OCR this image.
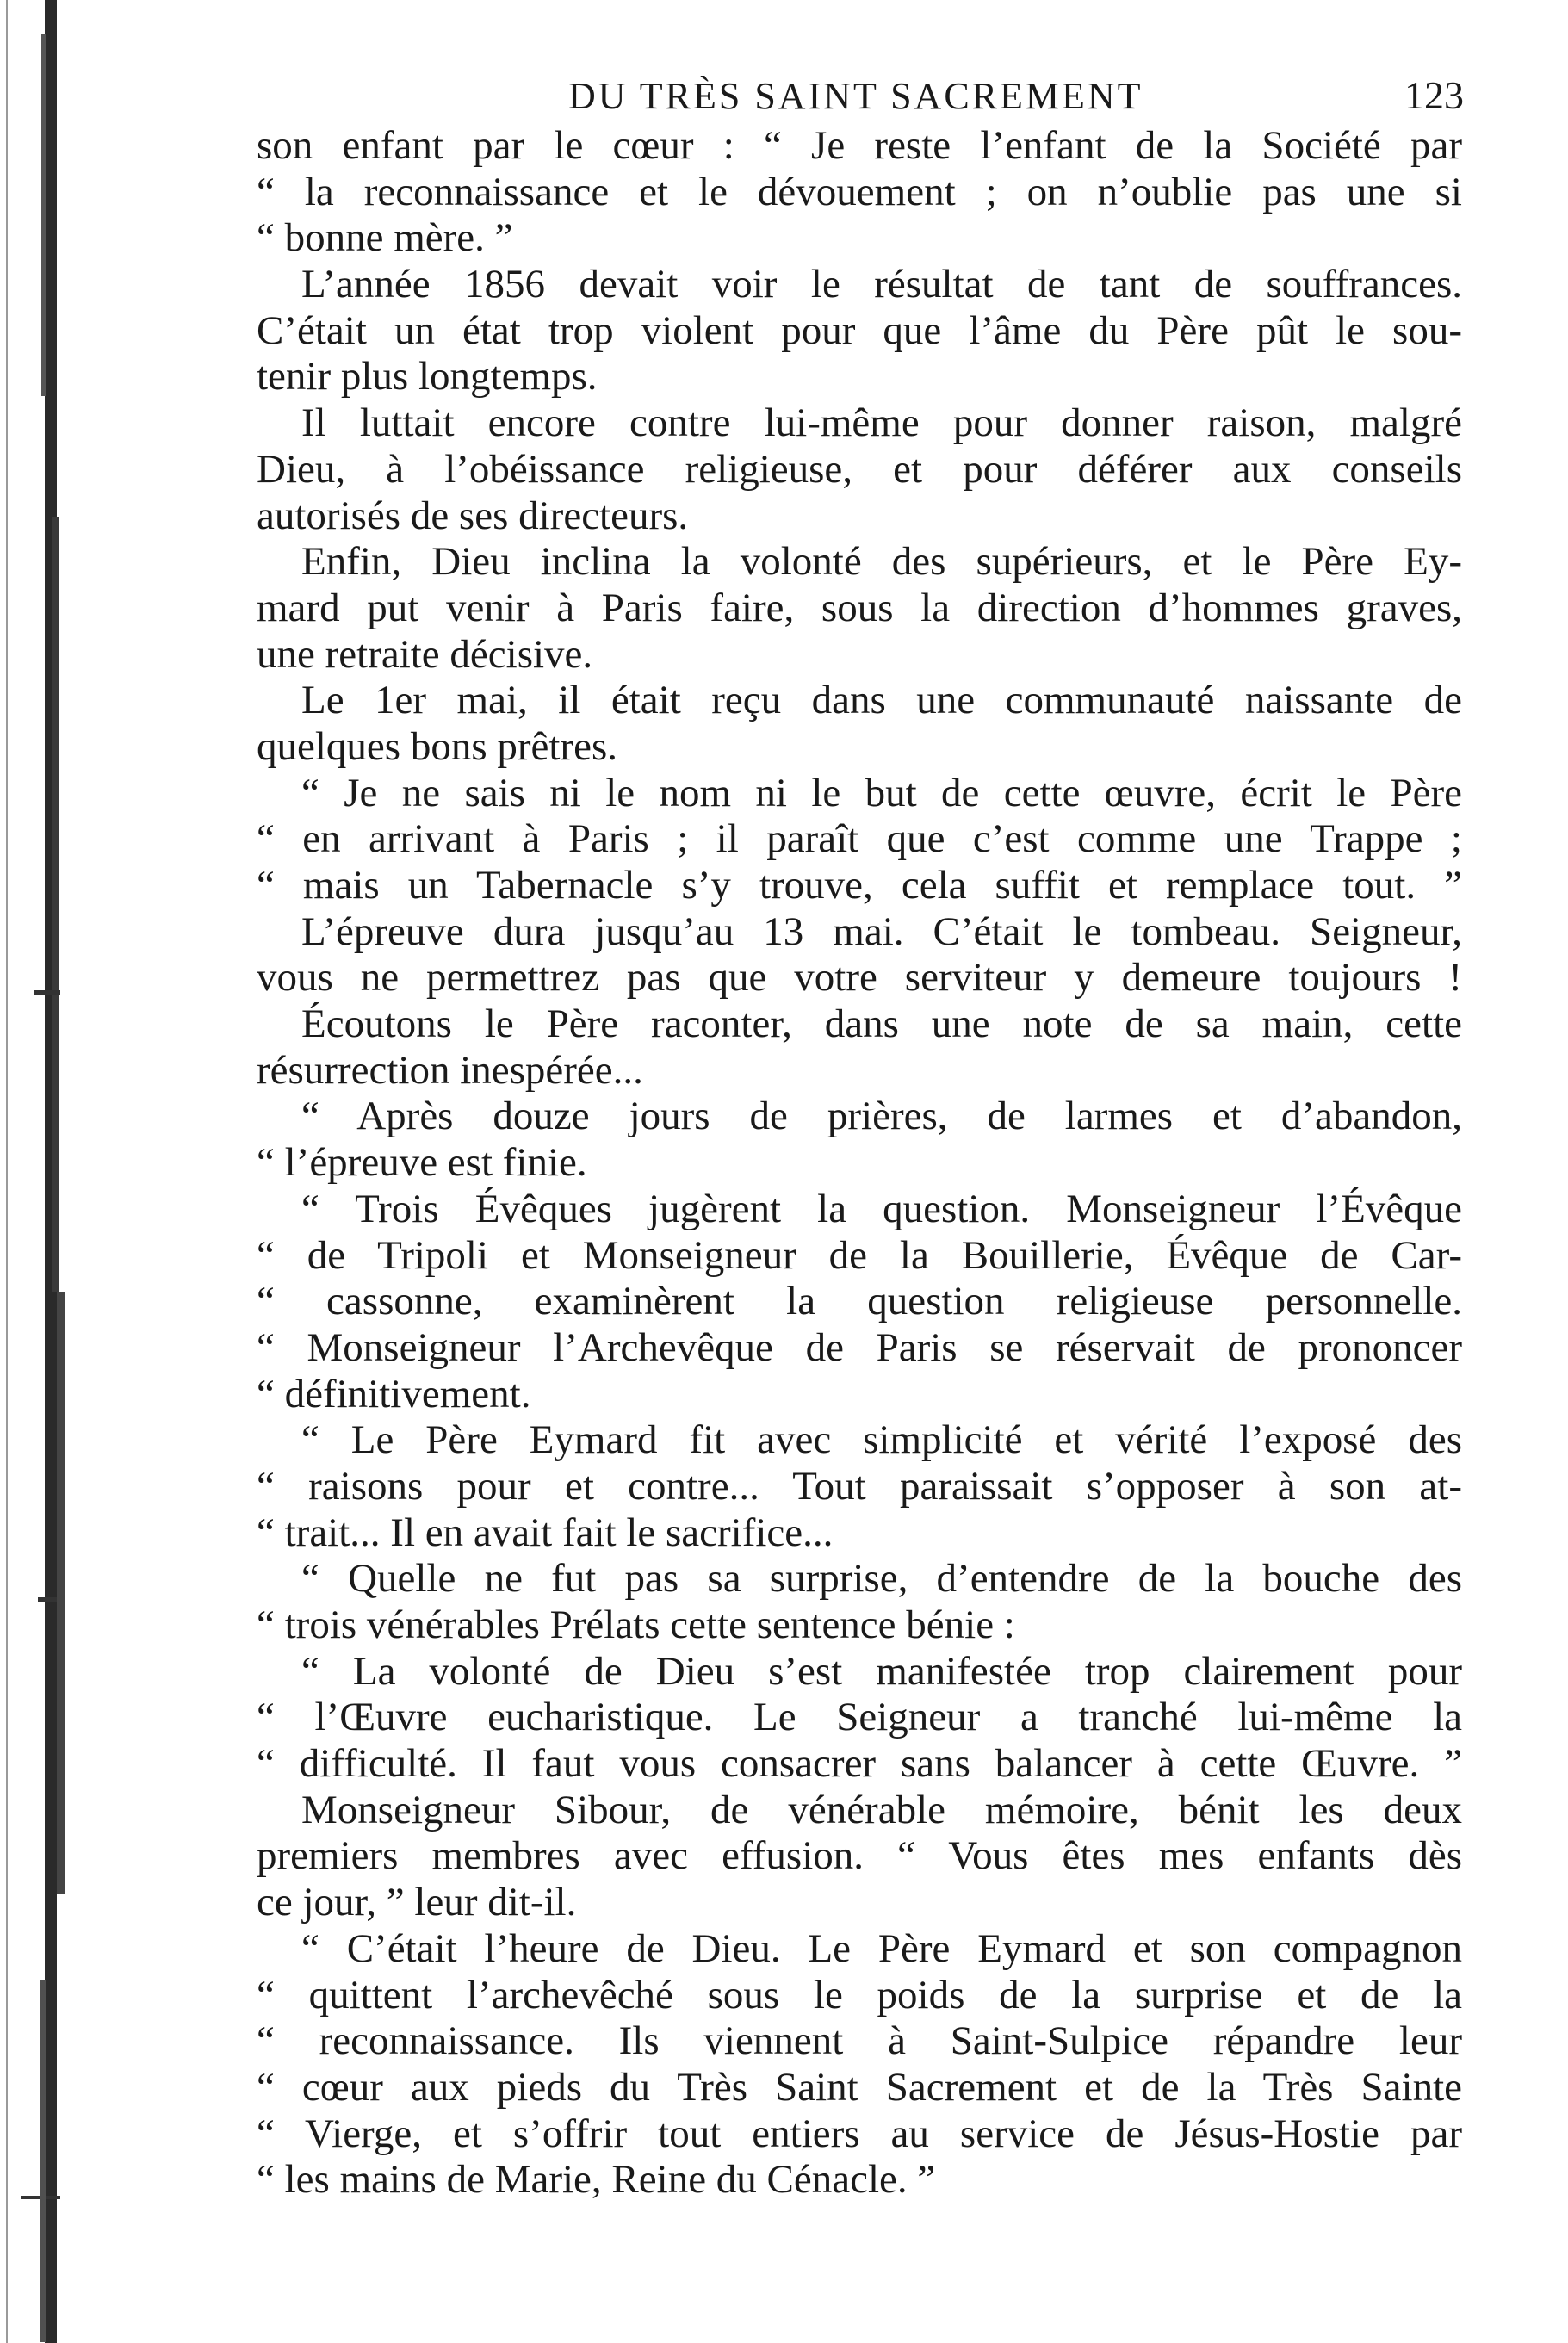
DU TRÈS SAINT SACREMENT	123
son enfant par le cœur : “ Je reste l’enfant de la Société par
“ la reconnaissance et le dévouement ; on n’oublie pas une si
“ bonne mère. ”
L’année 1856 devait voir le résultat de tant de souffrances.
C’était un état trop violent pour que l’âme du Père pût le sou-
tenir plus longtemps.
Il luttait encore contre lui-même pour donner raison, malgré
Dieu, à l’obéissance religieuse, et pour déférer aux conseils
autorisés de ses directeurs.
Enfin, Dieu inclina la volonté des supérieurs, et le Père Ey-
mard put venir à Paris faire, sous la direction d’hommes graves,
une retraite décisive.
Le 1er mai, il était reçu dans une communauté naissante de
quelques bons prêtres.
“ Je ne sais ni le nom ni le but de cette œuvre, écrit le Père
“ en arrivant à Paris ; il paraît que c’est comme une Trappe ;
“ mais un Tabernacle s’y trouve, cela suffit et remplace tout. ”
L’épreuve dura jusqu’au 13 mai. C’était le tombeau. Seigneur,
vous ne permettrez pas que votre serviteur y demeure toujours !
Écoutons le Père raconter, dans une note de sa main, cette
résurrection inespérée...
“ Après douze jours de prières, de larmes et d’abandon,
“ l’épreuve est finie.
“ Trois Évêques jugèrent la question. Monseigneur l’Évêque
“ de Tripoli et Monseigneur de la Bouillerie, Évêque de Car-
“ cassonne, examinèrent la question religieuse personnelle.
“ Monseigneur l’Archevêque de Paris se réservait de prononcer
“ définitivement.
“ Le Père Eymard fit avec simplicité et vérité l’exposé des
“ raisons pour et contre... Tout paraissait s’opposer à son at-
“ trait... Il en avait fait le sacrifice...
“ Quelle ne fut pas sa surprise, d’entendre de la bouche des
“ trois vénérables Prélats cette sentence bénie :
“ La volonté de Dieu s’est manifestée trop clairement pour
“ l’Œuvre eucharistique. Le Seigneur a tranché lui-même la
“ difficulté. Il faut vous consacrer sans balancer à cette Œuvre. ”
Monseigneur Sibour, de vénérable mémoire, bénit les deux
premiers membres avec effusion. “ Vous êtes mes enfants dès
ce jour, ” leur dit-il.
“ C’était l’heure de Dieu. Le Père Eymard et son compagnon
“ quittent l’archevêché sous le poids de la surprise et de la
“ reconnaissance. Ils viennent à Saint-Sulpice répandre leur
“ cœur aux pieds du Très Saint Sacrement et de la Très Sainte
“ Vierge, et s’offrir tout entiers au service de Jésus-Hostie par
“ les mains de Marie, Reine du Cénacle. ”
